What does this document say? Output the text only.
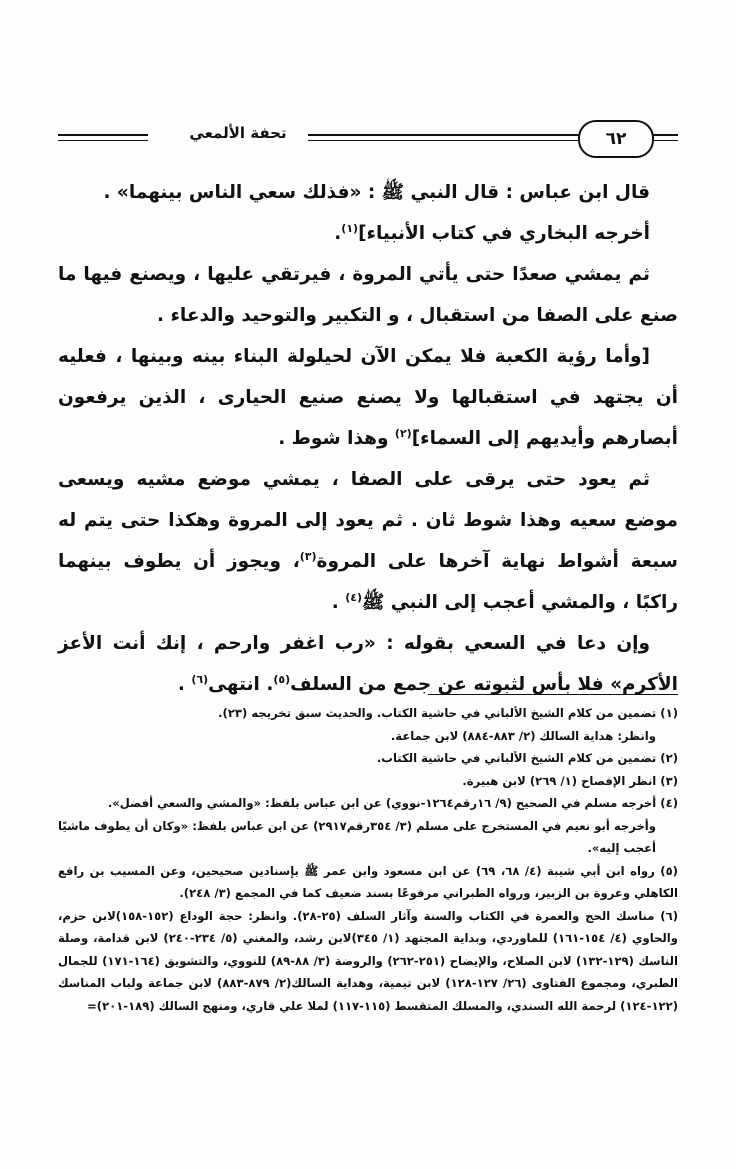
تحفة الألمعي	٦٢

قال ابن عباس : قال النبي ﷺ : «فذلك سعي الناس بينهما» .

أخرجه البخاري في كتاب الأنبياء]$^{(١)}$.

ثم يمشي صعدًا حتى يأتي المروة ، فيرتقي عليها ، ويصنع فيها ما صنع على الصفا من استقبال ، و التكبير والتوحيد والدعاء .

[وأما رؤية الكعبة فلا يمكن الآن لحيلولة البناء بينه وبينها ، فعليه أن يجتهد في استقبالها ولا يصنع صنيع الحيارى ، الذين يرفعون أبصارهم وأيديهم إلى السماء]$^{(٢)}$ وهذا شوط .

ثم يعود حتى يرقى على الصفا ، يمشي موضع مشيه ويسعى موضع سعيه وهذا شوط ثان . ثم يعود إلى المروة وهكذا حتى يتم له سبعة أشواط نهاية آخرها على المروة$^{(٣)}$، ويجوز أن يطوف بينهما راكبًا ، والمشي أعجب إلى النبي ﷺ$^{(٤)}$ .

وإن دعا في السعي بقوله : «رب اغفر وارحم ، إنك أنت الأعز الأكرم» فلا بأس لثبوته عن جمع من السلف$^{(٥)}$. انتهى$^{(٦)}$ .

(١) تضمين من كلام الشيخ الألباني في حاشية الكتاب. والحديث سبق تخريجه (٢٣).

وانظر: هداية السالك (٢/ ٨٨٣-٨٨٤) لابن جماعة.

(٢) تضمين من كلام الشيخ الألباني في حاشية الكتاب.

(٣) انظر الإفصاح (١/ ٢٦٩) لابن هبيرة.

(٤) أخرجه مسلم في الصحيح (٩/ ١٦رقم١٢٦٤-نووي) عن ابن عباس بلفظ: «والمشي والسعي أفضل».

وأخرجه أبو نعيم في المستخرج على مسلم (٣/ ٣٥٤رقم٢٩١٧) عن ابن عباس بلفظ: «وكان أن يطوف ماشيًا أعجب إليه».

(٥) رواه ابن أبي شيبة (٤/ ٦٨، ٦٩) عن ابن مسعود وابن عمر ﷺ بإسنادين صحيحين، وعن المسيب بن رافع الكاهلي وعروة بن الزبير، ورواه الطبراني مرفوعًا بسند ضعيف كما في المجمع (٣/ ٢٤٨).

(٦) مناسك الحج والعمرة في الكتاب والسنة وآثار السلف (٢٥-٢٨). وانظر: حجة الوداع (١٥٢-١٥٨)لابن حزم، والحاوي (٤/ ١٥٤-١٦١) للماوردي، وبداية المجتهد (١/ ٣٤٥)لابن رشد، والمغني (٥/ ٢٣٤-٢٤٠) لابن قدامة، وصلة الناسك (١٢٩-١٣٢) لابن الصلاح، والإيضاح (٢٥١-٢٦٢) والروضة (٣/ ٨٨-٨٩) للنووي، والتشويق (١٦٤-١٧١) للجمال الطبري، ومجموع الفتاوى (٢٦/ ١٢٧-١٢٨) لابن تيمية، وهداية السالك(٢/ ٨٧٩-٨٨٣) لابن جماعة ولباب المناسك (١٢٢-١٢٤) لرحمة الله السندي، والمسلك المتقسط (١١٥-١١٧) لملا علي قاري، ومنهج السالك (١٨٩-٢٠١)=
